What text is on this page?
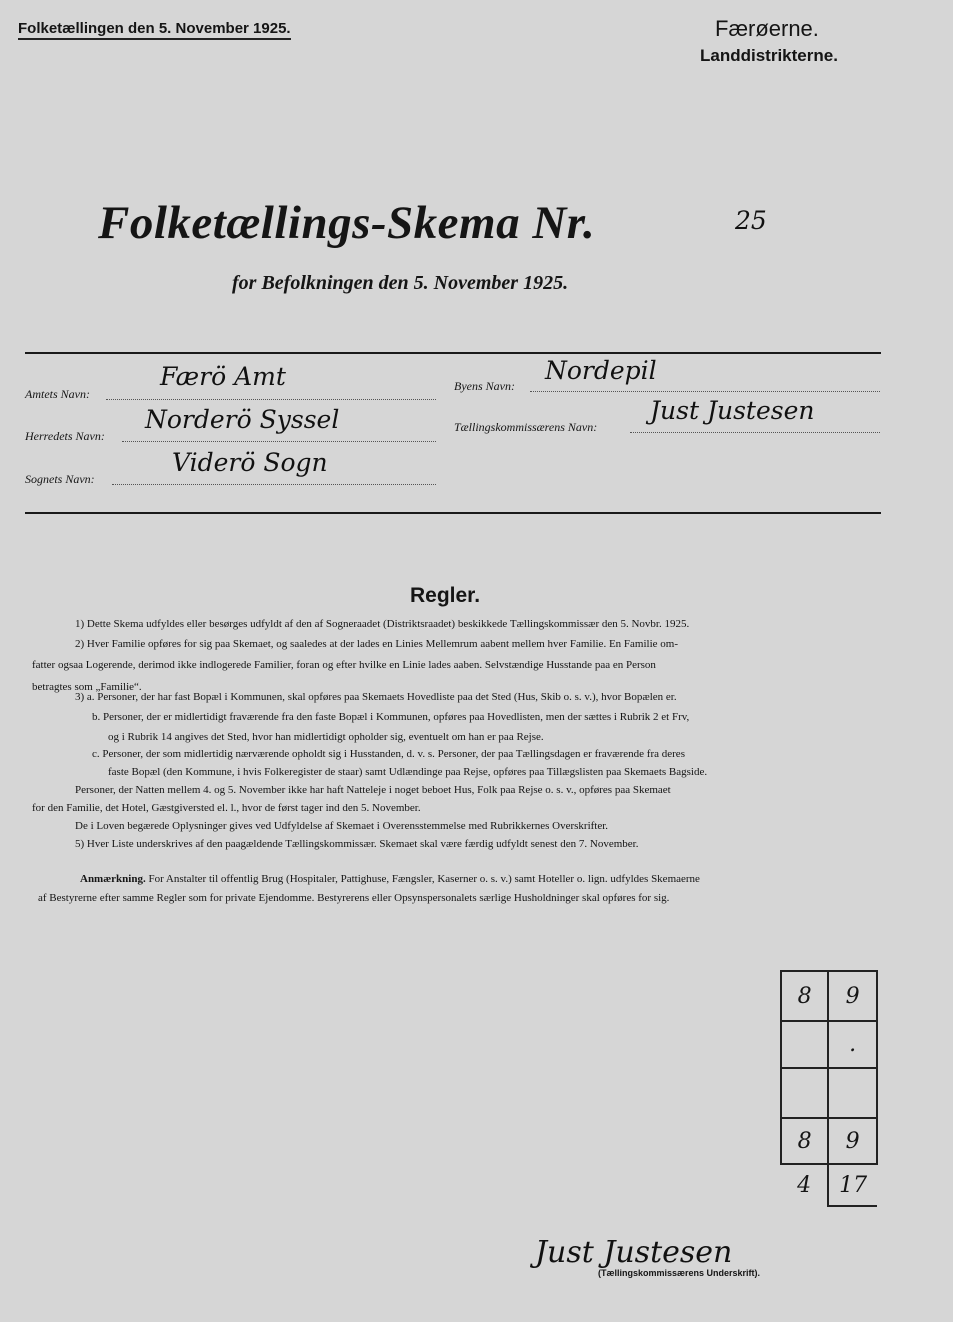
Folketællingen den 5. November 1925.	Færøerne.
Landdistrikterne.
Folketællings-Skema Nr.	25
for Befolkningen den 5. November 1925.
Amtets Navn:
Færö Amt
Herredets Navn:
Norderö Syssel
Sognets Navn:
Viderö Sogn
Byens Navn:
Nordepil
Tællingskommissærens Navn:
Just Justesen
Regler.
1) Dette Skema udfyldes eller besørges udfyldt af den af Sogneraadet (Distriktsraadet) beskikkede Tællingskommissær den 5. Novbr. 1925.
2) Hver Familie opføres for sig paa Skemaet, og saaledes at der lades en Linies Mellemrum aabent mellem hver Familie. En Familie om-
fatter ogsaa Logerende, derimod ikke indlogerede Familier, foran og efter hvilke en Linie lades aaben. Selvstændige Husstande paa en Person
betragtes som „Familie“.
3) a. Personer, der har fast Bopæl i Kommunen, skal opføres paa Skemaets Hovedliste paa det Sted (Hus, Skib o. s. v.), hvor Bopælen er.
b. Personer, der er midlertidigt fraværende fra den faste Bopæl i Kommunen, opføres paa Hovedlisten, men der sættes i Rubrik 2 et Frv,
og i Rubrik 14 angives det Sted, hvor han midlertidigt opholder sig, eventuelt om han er paa Rejse.
c. Personer, der som midlertidig nærværende opholdt sig i Husstanden, d. v. s. Personer, der paa Tællingsdagen er fraværende fra deres
faste Bopæl (den Kommune, i hvis Folkeregister de staar) samt Udlændinge paa Rejse, opføres paa Tillægslisten paa Skemaets Bagside.
Personer, der Natten mellem 4. og 5. November ikke har haft Natteleje i noget beboet Hus, Folk paa Rejse o. s. v., opføres paa Skemaet
for den Familie, det Hotel, Gæstgiversted el. l., hvor de først tager ind den 5. November.
De i Loven begærede Oplysninger gives ved Udfyldelse af Skemaet i Overensstemmelse med Rubrikkernes Overskrifter.
5) Hver Liste underskrives af den paagældende Tællingskommissær. Skemaet skal være færdig udfyldt senest den 7. November.
Anmærkning. For Anstalter til offentlig Brug (Hospitaler, Pattighuse, Fængsler, Kaserner o. s. v.) samt Hoteller o. lign. udfyldes Skemaerne
af Bestyrerne efter samme Regler som for private Ejendomme. Bestyrerens eller Opsynspersonalets særlige Husholdninger skal opføres for sig.
8	9
	.

8	9
4	17
Just Justesen
(Tællingskommissærens Underskrift).
